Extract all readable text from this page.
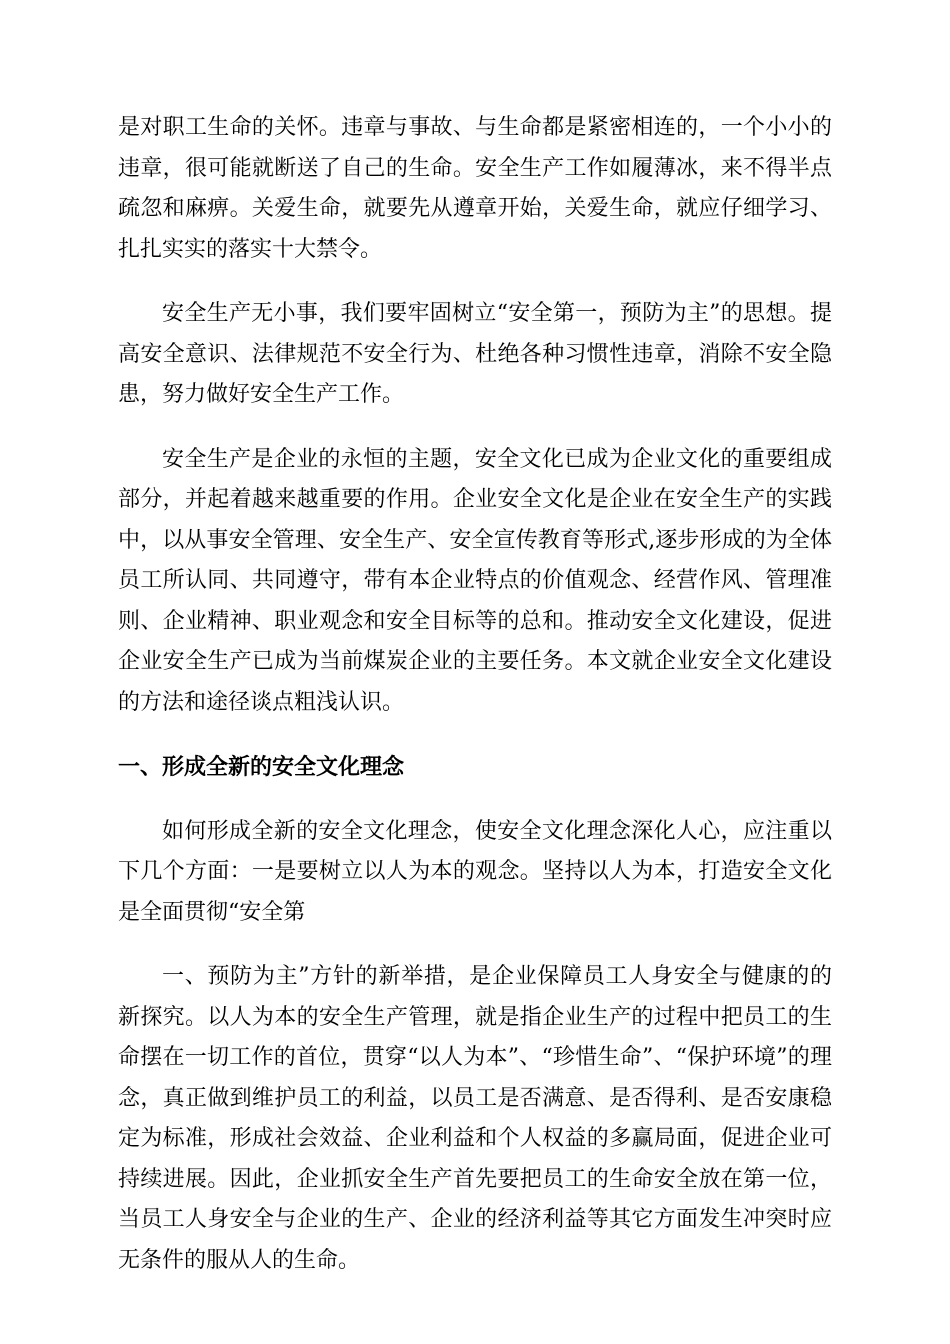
是对职工生命的关怀。违章与事故、与生命都是紧密相连的，一个小小的违章，很可能就断送了自己的生命。安全生产工作如履薄冰，来不得半点疏忽和麻痹。关爱生命，就要先从遵章开始，关爱生命，就应仔细学习、扎扎实实的落实十大禁令。

安全生产无小事，我们要牢固树立“安全第一，预防为主”的思想。提高安全意识、法律规范不安全行为、杜绝各种习惯性违章，消除不安全隐患，努力做好安全生产工作。

安全生产是企业的永恒的主题，安全文化已成为企业文化的重要组成部分，并起着越来越重要的作用。企业安全文化是企业在安全生产的实践中，以从事安全管理、安全生产、安全宣传教育等形式,逐步形成的为全体员工所认同、共同遵守，带有本企业特点的价值观念、经营作风、管理准则、企业精神、职业观念和安全目标等的总和。推动安全文化建设，促进企业安全生产已成为当前煤炭企业的主要任务。本文就企业安全文化建设的方法和途径谈点粗浅认识。

一、形成全新的安全文化理念

如何形成全新的安全文化理念，使安全文化理念深化人心，应注重以下几个方面：一是要树立以人为本的观念。坚持以人为本，打造安全文化是全面贯彻“安全第

一、预防为主”方针的新举措，是企业保障员工人身安全与健康的的新探究。以人为本的安全生产管理，就是指企业生产的过程中把员工的生命摆在一切工作的首位，贯穿“以人为本”、“珍惜生命”、“保护环境”的理念，真正做到维护员工的利益，以员工是否满意、是否得利、是否安康稳定为标准，形成社会效益、企业利益和个人权益的多赢局面，促进企业可持续进展。因此，企业抓安全生产首先要把员工的生命安全放在第一位，当员工人身安全与企业的生产、企业的经济利益等其它方面发生冲突时应无条件的服从人的生命。
